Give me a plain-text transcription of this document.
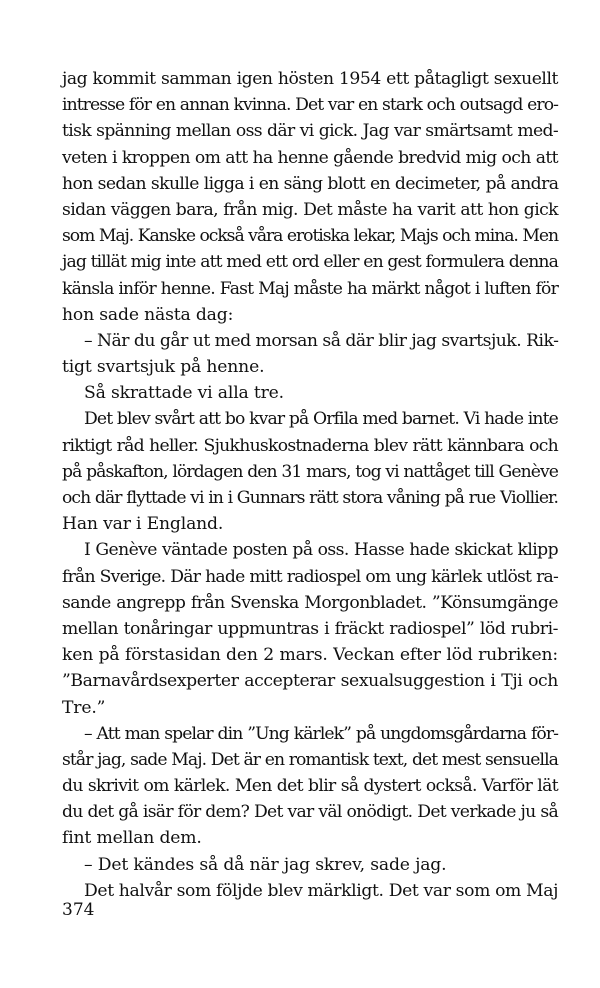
jag kommit samman igen hösten 1954 ett påtagligt sexuellt
intresse för en annan kvinna. Det var en stark och outsagd ero-
tisk spänning mellan oss där vi gick. Jag var smärtsamt med-
veten i kroppen om att ha henne gående bredvid mig och att
hon sedan skulle ligga i en säng blott en decimeter, på andra
sidan väggen bara, från mig. Det måste ha varit att hon gick
som Maj. Kanske också våra erotiska lekar, Majs och mina. Men
jag tillät mig inte att med ett ord eller en gest formulera denna
känsla inför henne. Fast Maj måste ha märkt något i luften för
hon sade nästa dag:
– När du går ut med morsan så där blir jag svartsjuk. Rik-
tigt svartsjuk på henne.
Så skrattade vi alla tre.
Det blev svårt att bo kvar på Orfila med barnet. Vi hade inte
riktigt råd heller. Sjukhuskostnaderna blev rätt kännbara och
på påskafton, lördagen den 31 mars, tog vi nattåget till Genève
och där flyttade vi in i Gunnars rätt stora våning på rue Viollier.
Han var i England.
I Genève väntade posten på oss. Hasse hade skickat klipp
från Sverige. Där hade mitt radiospel om ung kärlek utlöst ra-
sande angrepp från Svenska Morgonbladet. ”Könsumgänge
mellan tonåringar uppmuntras i fräckt radiospel” löd rubri-
ken på förstasidan den 2 mars. Veckan efter löd rubriken:
”Barnavårdsexperter accepterar sexualsuggestion i Tji och
Tre.”
– Att man spelar din ”Ung kärlek” på ungdomsgårdarna för-
står jag, sade Maj. Det är en romantisk text, det mest sensuella
du skrivit om kärlek. Men det blir så dystert också. Varför lät
du det gå isär för dem? Det var väl onödigt. Det verkade ju så
fint mellan dem.
– Det kändes så då när jag skrev, sade jag.
Det halvår som följde blev märkligt. Det var som om Maj
374
